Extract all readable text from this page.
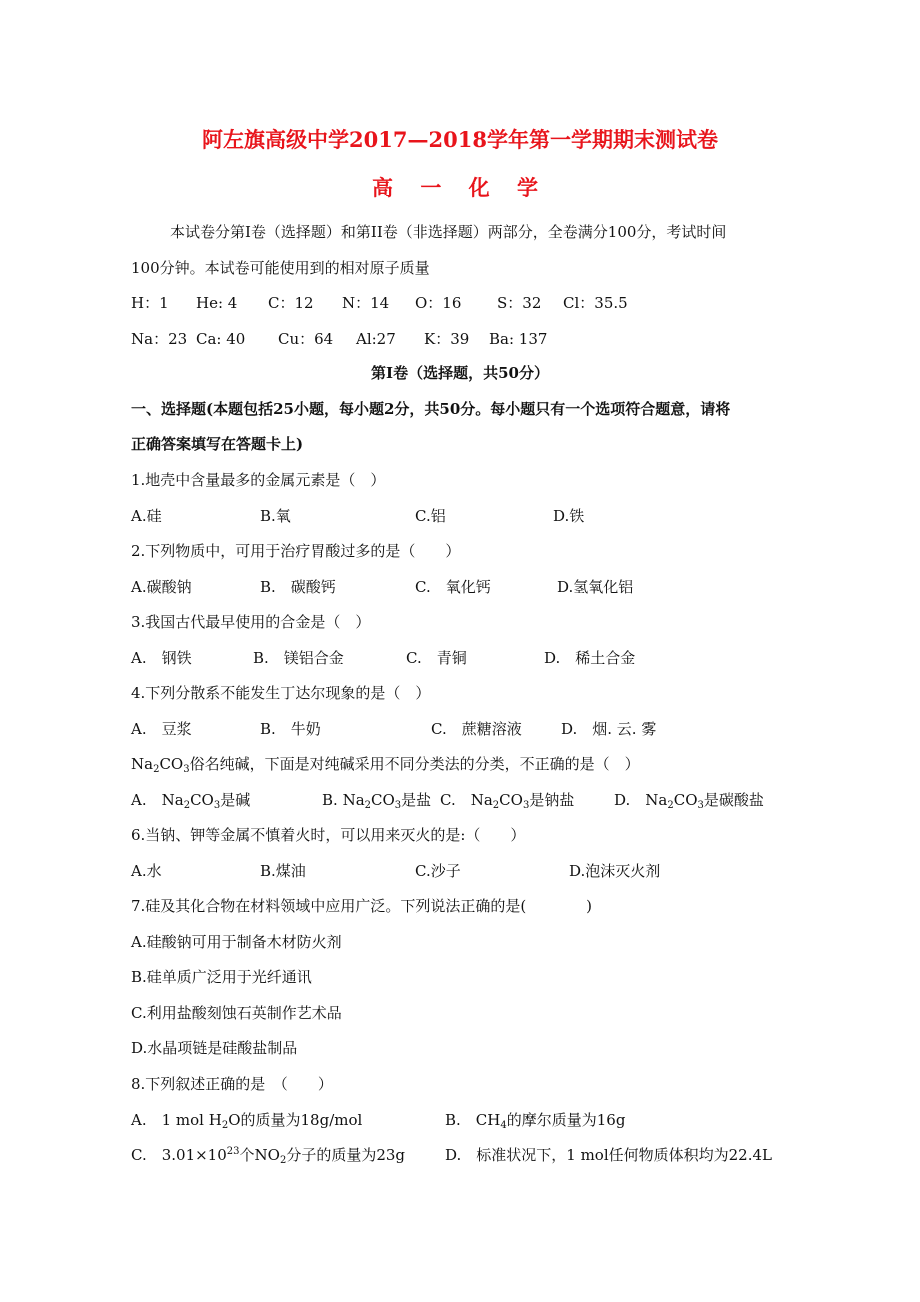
阿左旗高级中学2017—2018学年第一学期期末测试卷
高 一 化 学
本试卷分第Ⅰ卷（选择题）和第II卷（非选择题）两部分，全卷满分100分，考试时间
100分钟。本试卷可能使用到的相对原子质量
H：1 He: 4 C：12 N：14 O：16 S：32 Cl：35.5
Na：23 Ca: 40 Cu：64 Al:27 K：39 Ba: 137
第Ⅰ卷（选择题，共50分）
一、选择题(本题包括25小题，每小题2分，共50分。每小题只有一个选项符合题意，请将
正确答案填写在答题卡上)
1.地壳中含量最多的金属元素是（　）
A.硅	B.氧	C.铝	D.铁
2.下列物质中，可用于治疗胃酸过多的是（　　）
A.碳酸钠	B.　碳酸钙	C.　氧化钙	D.氢氧化铝
3.我国古代最早使用的合金是（　）
A.　钢铁	B.　镁铝合金	C.　青铜	D.　稀土合金
4.下列分散系不能发生丁达尔现象的是（　）
A.　豆浆	B.　牛奶	C.　蔗糖溶液	D.　烟. 云. 雾
$Na_2CO_3$俗名纯碱，下面是对纯碱采用不同分类法的分类，不正确的是（　）
A.　$Na_2CO_3$是碱	B. $Na_2CO_3$是盐 C.　$Na_2CO_3$是钠盐	D.　$Na_2CO_3$是碳酸盐
6.当钠、钾等金属不慎着火时，可以用来灭火的是:（　　）
A.水	B.煤油	C.沙子	D.泡沫灭火剂
7.硅及其化合物在材料领域中应用广泛。下列说法正确的是(　　　　)
A.硅酸钠可用于制备木材防火剂
B.硅单质广泛用于光纤通讯
C.利用盐酸刻蚀石英制作艺术品
D.水晶项链是硅酸盐制品
8.下列叙述正确的是　（　　）
A.　1 mol $H_2O$的质量为18g/mol	B.　$CH_4$的摩尔质量为16g
C.　$3.01\times 10^{23}$个$NO_2$分子的质量为23g	D.　标准状况下，1 mol任何物质体积均为22.4L
